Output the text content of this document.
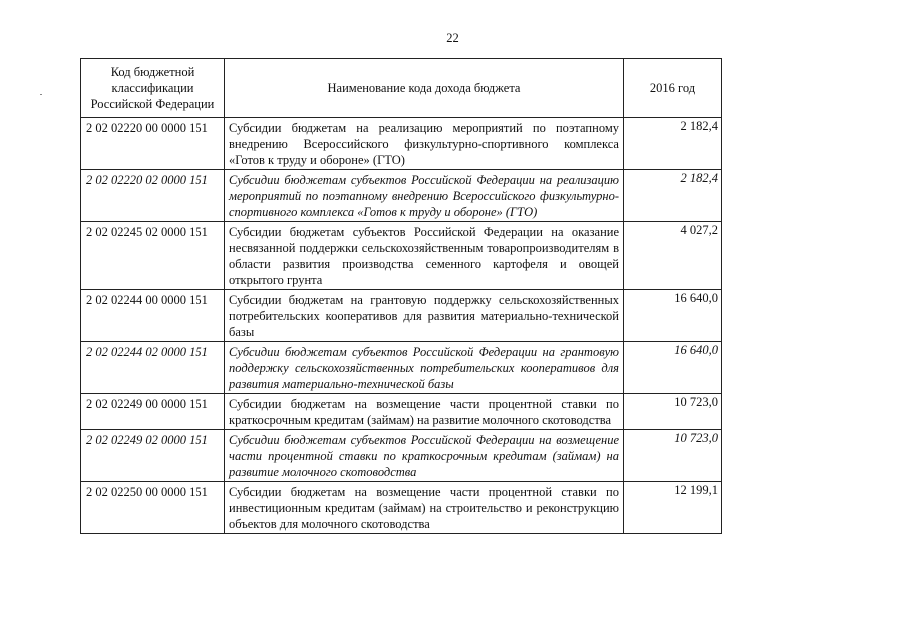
22
Код бюджетной классификации Российской Федерации	Наименование кода дохода бюджета	2016 год
2 02 02220 00 0000 151	Субсидии бюджетам на реализацию мероприятий по поэтапному внедрению Всероссийского физкультурно-спортивного комплекса «Готов к труду и обороне» (ГТО)	2 182,4
2 02 02220 02 0000 151	Субсидии бюджетам субъектов Российской Федерации на реализацию мероприятий по поэтапному внедрению Всероссийского физкультурно-спортивного комплекса «Готов к труду и обороне» (ГТО)	2 182,4
2 02 02245 02 0000 151	Субсидии бюджетам субъектов Российской Федерации на оказание несвязанной поддержки сельскохозяйственным товаропроизводителям в области развития производства семенного картофеля и овощей открытого грунта	4 027,2
2 02 02244 00 0000 151	Субсидии бюджетам на грантовую поддержку сельскохозяйственных потребительских кооперативов для развития материально-технической базы	16 640,0
2 02 02244 02 0000 151	Субсидии бюджетам субъектов Российской Федерации на грантовую поддержку сельскохозяйственных потребительских кооперативов для развития материально-технической базы	16 640,0
2 02 02249 00 0000 151	Субсидии бюджетам на возмещение части процентной ставки по краткосрочным кредитам (займам) на развитие молочного скотоводства	10 723,0
2 02 02249 02 0000 151	Субсидии бюджетам субъектов Российской Федерации на возмещение части процентной ставки по краткосрочным кредитам (займам) на развитие молочного скотоводства	10 723,0
2 02 02250 00 0000 151	Субсидии бюджетам на возмещение части процентной ставки по инвестиционным кредитам (займам) на строительство и реконструкцию объектов для молочного скотоводства	12 199,1
